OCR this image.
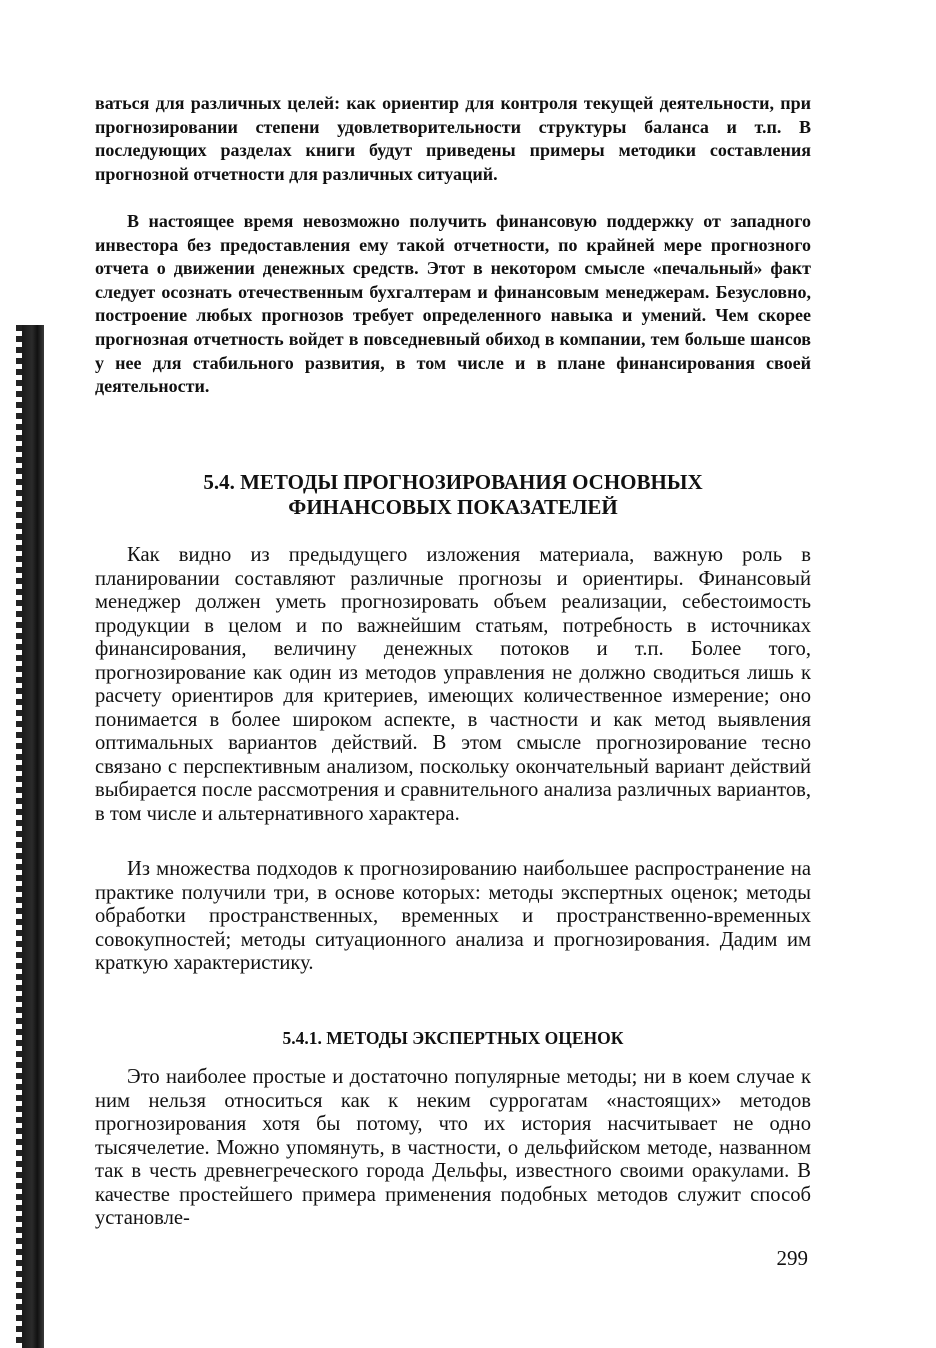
ваться для различных целей: как ориентир для контроля текущей деятельности, при прогнозировании степени удовлетворительности структуры баланса и т.п. В последующих разделах книги будут приведены примеры методики составления прогнозной отчетности для различных ситуаций.

В настоящее время невозможно получить финансовую поддержку от западного инвестора без предоставления ему такой отчетности, по крайней мере прогнозного отчета о движении денежных средств. Этот в некотором смысле «печальный» факт следует осознать отечественным бухгалтерам и финансовым менеджерам. Безусловно, построение любых прогнозов требует определенного навыка и умений. Чем скорее прогнозная отчетность войдет в повседневный обиход в компании, тем больше шансов у нее для стабильного развития, в том числе и в плане финансирования своей деятельности.

5.4. МЕТОДЫ ПРОГНОЗИРОВАНИЯ ОСНОВНЫХ
ФИНАНСОВЫХ ПОКАЗАТЕЛЕЙ

Как видно из предыдущего изложения материала, важную роль в планировании составляют различные прогнозы и ориентиры. Финансовый менеджер должен уметь прогнозировать объем реализации, себестоимость продукции в целом и по важнейшим статьям, потребность в источниках финансирования, величину денежных потоков и т.п. Более того, прогнозирование как один из методов управления не должно сводиться лишь к расчету ориентиров для критериев, имеющих количественное измерение; оно понимается в более широком аспекте, в частности и как метод выявления оптимальных вариантов действий. В этом смысле прогнозирование тесно связано с перспективным анализом, поскольку окончательный вариант действий выбирается после рассмотрения и сравнительного анализа различных вариантов, в том числе и альтернативного характера.

Из множества подходов к прогнозированию наибольшее распространение на практике получили три, в основе которых: методы экспертных оценок; методы обработки пространственных, временных и пространственно-временных совокупностей; методы ситуационного анализа и прогнозирования. Дадим им краткую характеристику.

5.4.1. МЕТОДЫ ЭКСПЕРТНЫХ ОЦЕНОК

Это наиболее простые и достаточно популярные методы; ни в коем случае к ним нельзя относиться как к неким суррогатам «настоящих» методов прогнозирования хотя бы потому, что их история насчитывает не одно тысячелетие. Можно упомянуть, в частности, о дельфийском методе, названном так в честь древнегреческого города Дельфы, известного своими оракулами. В качестве простейшего примера применения подобных методов служит способ установле-

299
